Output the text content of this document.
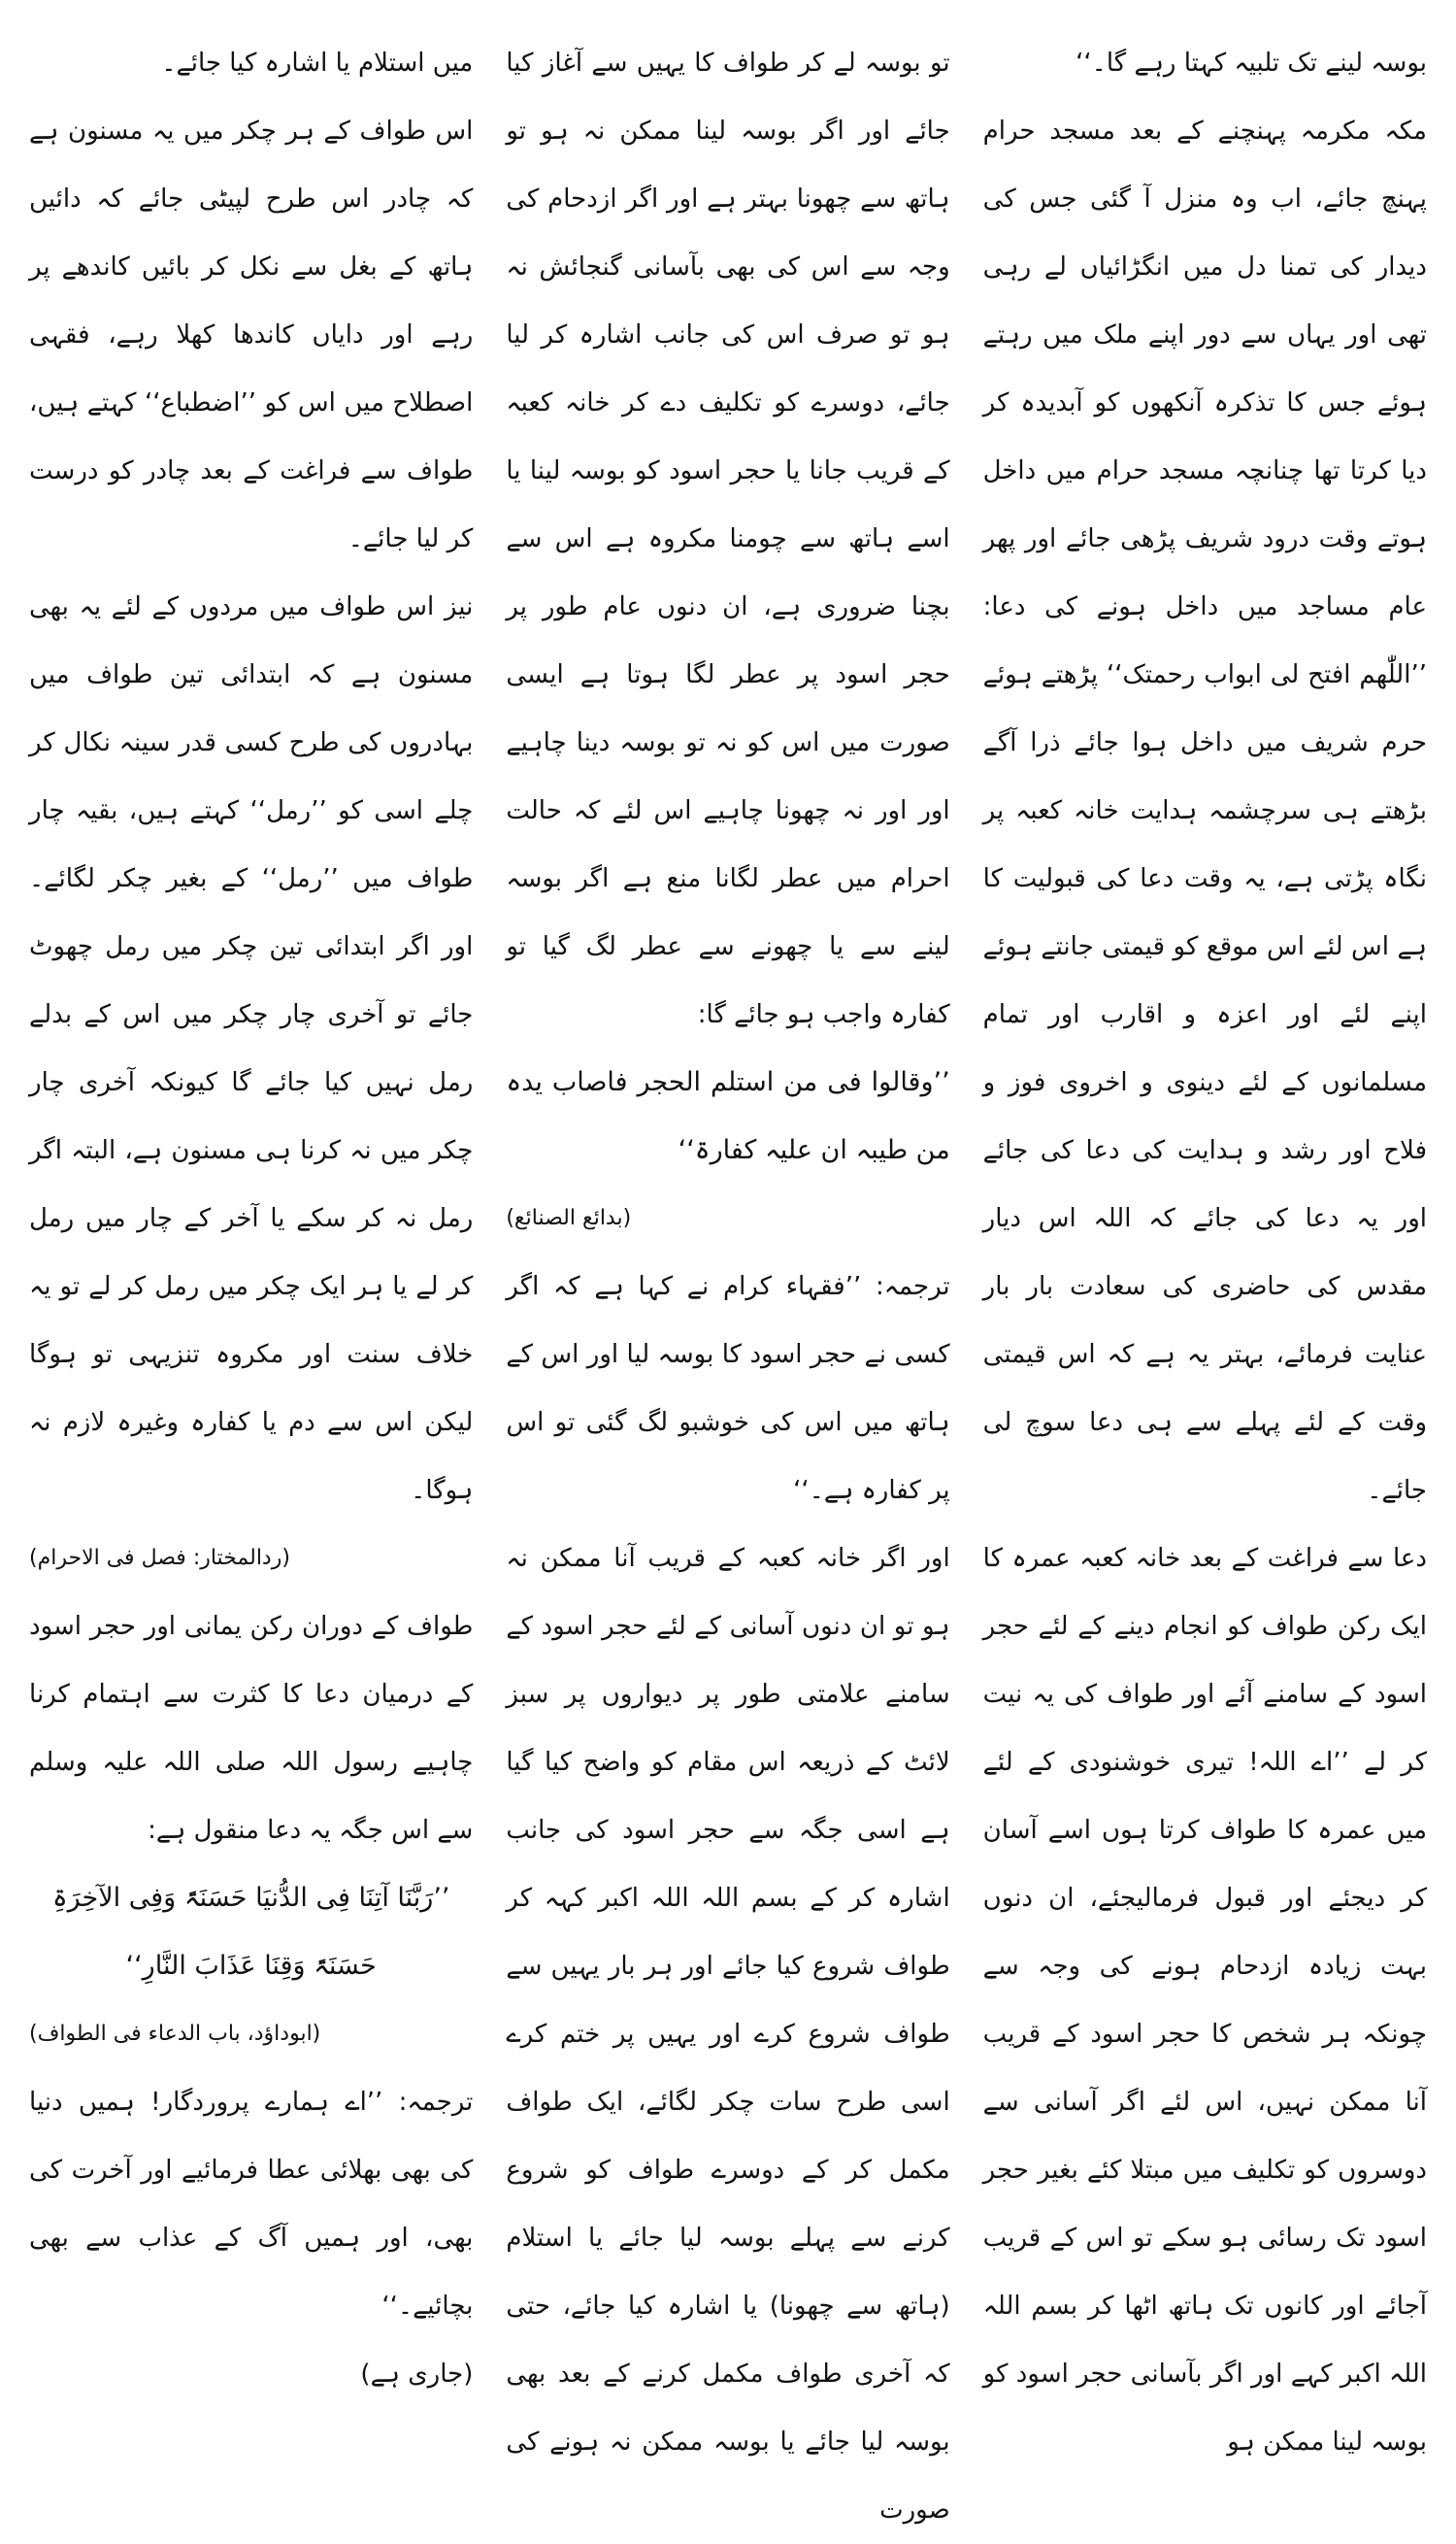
بوسہ لینے تک تلبیہ کہتا رہے گا۔‘‘

مکہ مکرمہ پہنچنے کے بعد مسجد حرام پہنچ جائے، اب وہ منزل آ گئی جس کی دیدار کی تمنا دل میں انگڑائیاں لے رہی تھی اور یہاں سے دور اپنے ملک میں رہتے ہوئے جس کا تذکرہ آنکھوں کو آبدیدہ کر دیا کرتا تھا چنانچہ مسجد حرام میں داخل ہوتے وقت درود شریف پڑھی جائے اور پھر عام مساجد میں داخل ہونے کی دعا: ’’اللّٰھم افتح لی ابواب رحمتک‘‘ پڑھتے ہوئے حرم شریف میں داخل ہوا جائے ذرا آگے بڑھتے ہی سرچشمہ ہدایت خانہ کعبہ پر نگاہ پڑتی ہے، یہ وقت دعا کی قبولیت کا ہے اس لئے اس موقع کو قیمتی جانتے ہوئے اپنے لئے اور اعزہ و اقارب اور تمام مسلمانوں کے لئے دینوی و اخروی فوز و فلاح اور رشد و ہدایت کی دعا کی جائے اور یہ دعا کی جائے کہ اللہ اس دیار مقدس کی حاضری کی سعادت بار بار عنایت فرمائے، بہتر یہ ہے کہ اس قیمتی وقت کے لئے پہلے سے ہی دعا سوچ لی جائے۔

دعا سے فراغت کے بعد خانہ کعبہ عمرہ کا ایک رکن طواف کو انجام دینے کے لئے حجر اسود کے سامنے آئے اور طواف کی یہ نیت کر لے ’’اے اللہ! تیری خوشنودی کے لئے میں عمرہ کا طواف کرتا ہوں اسے آسان کر دیجئے اور قبول فرمالیجئے، ان دنوں بہت زیادہ ازدحام ہونے کی وجہ سے چونکہ ہر شخص کا حجر اسود کے قریب آنا ممکن نہیں، اس لئے اگر آسانی سے دوسروں کو تکلیف میں مبتلا کئے بغیر حجر اسود تک رسائی ہو سکے تو اس کے قریب آجائے اور کانوں تک ہاتھ اٹھا کر بسم اللہ اللہ اکبر کہے اور اگر بآسانی حجر اسود کو بوسہ لینا ممکن ہو

تو بوسہ لے کر طواف کا یہیں سے آغاز کیا جائے اور اگر بوسہ لینا ممکن نہ ہو تو ہاتھ سے چھونا بہتر ہے اور اگر ازدحام کی وجہ سے اس کی بھی بآسانی گنجائش نہ ہو تو صرف اس کی جانب اشارہ کر لیا جائے، دوسرے کو تکلیف دے کر خانہ کعبہ کے قریب جانا یا حجر اسود کو بوسہ لینا یا اسے ہاتھ سے چومنا مکروہ ہے اس سے بچنا ضروری ہے، ان دنوں عام طور پر حجر اسود پر عطر لگا ہوتا ہے ایسی صورت میں اس کو نہ تو بوسہ دینا چاہیے اور اور نہ چھونا چاہیے اس لئے کہ حالت احرام میں عطر لگانا منع ہے اگر بوسہ لینے سے یا چھونے سے عطر لگ گیا تو کفارہ واجب ہو جائے گا:

’’وقالوا فی من استلم الحجر فاصاب یدہ من طیبہ ان علیہ کفارۃ‘‘

(بدائع الصنائع)

ترجمہ: ’’فقہاء کرام نے کہا ہے کہ اگر کسی نے حجر اسود کا بوسہ لیا اور اس کے ہاتھ میں اس کی خوشبو لگ گئی تو اس پر کفارہ ہے۔‘‘

اور اگر خانہ کعبہ کے قریب آنا ممکن نہ ہو تو ان دنوں آسانی کے لئے حجر اسود کے سامنے علامتی طور پر دیواروں پر سبز لائٹ کے ذریعہ اس مقام کو واضح کیا گیا ہے اسی جگہ سے حجر اسود کی جانب اشارہ کر کے بسم اللہ اللہ اکبر کہہ کر طواف شروع کیا جائے اور ہر بار یہیں سے طواف شروع کرے اور یہیں پر ختم کرے اسی طرح سات چکر لگائے، ایک طواف مکمل کر کے دوسرے طواف کو شروع کرنے سے پہلے بوسہ لیا جائے یا استلام (ہاتھ سے چھونا) یا اشارہ کیا جائے، حتی کہ آخری طواف مکمل کرنے کے بعد بھی بوسہ لیا جائے یا بوسہ ممکن نہ ہونے کی صورت

میں استلام یا اشارہ کیا جائے۔

اس طواف کے ہر چکر میں یہ مسنون ہے کہ چادر اس طرح لپیٹی جائے کہ دائیں ہاتھ کے بغل سے نکل کر بائیں کاندھے پر رہے اور دایاں کاندھا کھلا رہے، فقہی اصطلاح میں اس کو ’’اضطباع‘‘ کہتے ہیں، طواف سے فراغت کے بعد چادر کو درست کر لیا جائے۔

نیز اس طواف میں مردوں کے لئے یہ بھی مسنون ہے کہ ابتدائی تین طواف میں بہادروں کی طرح کسی قدر سینہ نکال کر چلے اسی کو ’’رمل‘‘ کہتے ہیں، بقیہ چار طواف میں ’’رمل‘‘ کے بغیر چکر لگائے۔ اور اگر ابتدائی تین چکر میں رمل چھوٹ جائے تو آخری چار چکر میں اس کے بدلے رمل نہیں کیا جائے گا کیونکہ آخری چار چکر میں نہ کرنا ہی مسنون ہے، البتہ اگر رمل نہ کر سکے یا آخر کے چار میں رمل کر لے یا ہر ایک چکر میں رمل کر لے تو یہ خلاف سنت اور مکروہ تنزیہی تو ہوگا لیکن اس سے دم یا کفارہ وغیرہ لازم نہ ہوگا۔

(ردالمختار: فصل فی الاحرام)

طواف کے دوران رکن یمانی اور حجر اسود کے درمیان دعا کا کثرت سے اہتمام کرنا چاہیے رسول اللہ صلی اللہ علیہ وسلم سے اس جگہ یہ دعا منقول ہے:

’’رَبَّنَا آتِنَا فِی الدُّنیَا حَسَنَۃً وَفِی الآخِرَۃِ حَسَنَۃً وَقِنَا عَذَابَ النَّارِ‘‘

(ابوداؤد، باب الدعاء فی الطواف)

ترجمہ: ’’اے ہمارے پروردگار! ہمیں دنیا کی بھی بھلائی عطا فرمائیے اور آخرت کی بھی، اور ہمیں آگ کے عذاب سے بھی بچائیے۔‘‘

(جاری ہے)
